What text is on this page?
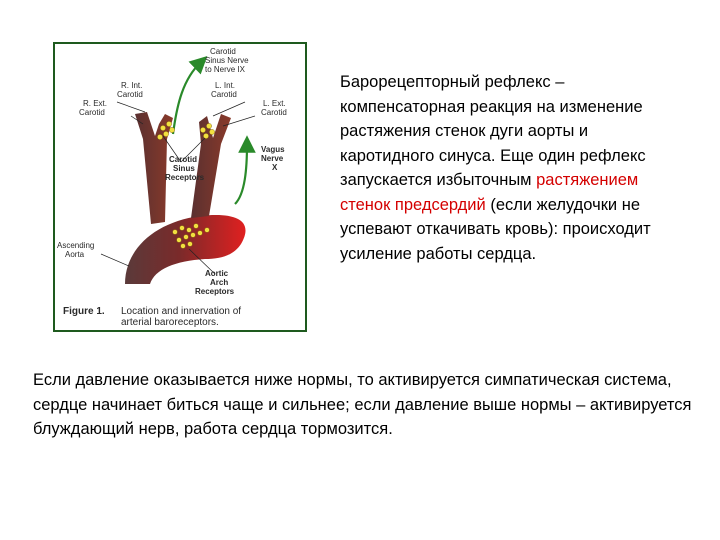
Carotid
Sinus Nerve
to Nerve IX
R. Int.
Carotid
L. Int.
Carotid
R. Ext.
Carotid
L. Ext.
Carotid
Carotid
Sinus
Receptors
Vagus
Nerve
X
Ascending
Aorta
Aortic
Arch
Receptors
Figure 1. Location and innervation of
arterial baroreceptors.
Барорецепторный рефлекс – компенсаторная реакция на изменение растяжения стенок дуги аорты и каротидного синуса. Еще один рефлекс запускается избыточным растяжением стенок предсердий (если желудочки не успевают откачивать кровь): происходит усиление работы сердца.
Если давление оказывается ниже нормы, то активируется симпатическая система, сердце начинает биться чаще и сильнее; если давление выше нормы – активируется блуждающий нерв, работа сердца тормозится.
